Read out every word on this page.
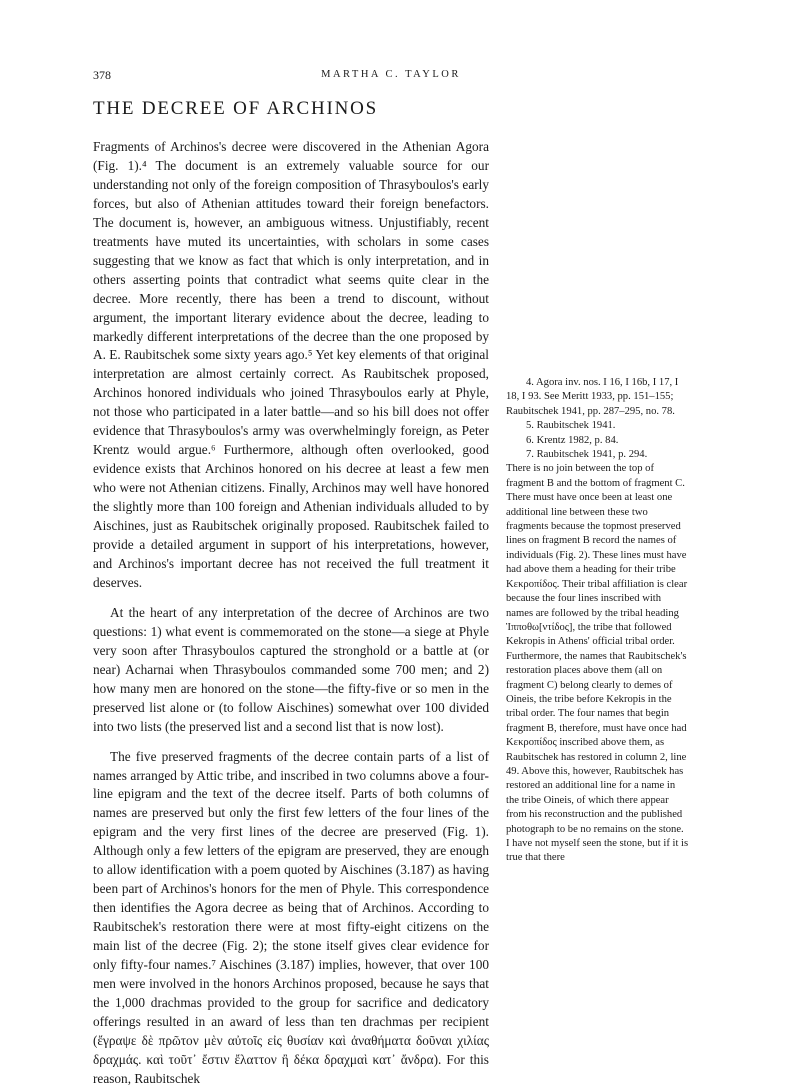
378	MARTHA C. TAYLOR
THE DECREE OF ARCHINOS

Fragments of Archinos's decree were discovered in the Athenian Agora (Fig. 1).⁴ The document is an extremely valuable source for our understanding not only of the foreign composition of Thrasyboulos's early forces, but also of Athenian attitudes toward their foreign benefactors. The document is, however, an ambiguous witness. Unjustifiably, recent treatments have muted its uncertainties, with scholars in some cases suggesting that we know as fact that which is only interpretation, and in others asserting points that contradict what seems quite clear in the decree. More recently, there has been a trend to discount, without argument, the important literary evidence about the decree, leading to markedly different interpretations of the decree than the one proposed by A. E. Raubitschek some sixty years ago.⁵ Yet key elements of that original interpretation are almost certainly correct. As Raubitschek proposed, Archinos honored individuals who joined Thrasyboulos early at Phyle, not those who participated in a later battle—and so his bill does not offer evidence that Thrasyboulos's army was overwhelmingly foreign, as Peter Krentz would argue.⁶ Furthermore, although often overlooked, good evidence exists that Archinos honored on his decree at least a few men who were not Athenian citizens. Finally, Archinos may well have honored the slightly more than 100 foreign and Athenian individuals alluded to by Aischines, just as Raubitschek originally proposed. Raubitschek failed to provide a detailed argument in support of his interpretations, however, and Archinos's important decree has not received the full treatment it deserves.

At the heart of any interpretation of the decree of Archinos are two questions: 1) what event is commemorated on the stone—a siege at Phyle very soon after Thrasyboulos captured the stronghold or a battle at (or near) Acharnai when Thrasyboulos commanded some 700 men; and 2) how many men are honored on the stone—the fifty-five or so men in the preserved list alone or (to follow Aischines) somewhat over 100 divided into two lists (the preserved list and a second list that is now lost).

The five preserved fragments of the decree contain parts of a list of names arranged by Attic tribe, and inscribed in two columns above a four-line epigram and the text of the decree itself. Parts of both columns of names are preserved but only the first few letters of the four lines of the epigram and the very first lines of the decree are preserved (Fig. 1). Although only a few letters of the epigram are preserved, they are enough to allow identification with a poem quoted by Aischines (3.187) as having been part of Archinos's honors for the men of Phyle. This correspondence then identifies the Agora decree as being that of Archinos. According to Raubitschek's restoration there were at most fifty-eight citizens on the main list of the decree (Fig. 2); the stone itself gives clear evidence for only fifty-four names.⁷ Aischines (3.187) implies, however, that over 100 men were involved in the honors Archinos proposed, because he says that the 1,000 drachmas provided to the group for sacrifice and dedicatory offerings resulted in an award of less than ten drachmas per recipient (ἔγραψε δὲ πρῶτον μὲν αὐτοῖς εἰς θυσίαν καὶ ἀναθήματα δοῦναι χιλίας δραχμάς. καὶ τοῦτ᾽ ἔστιν ἔλαττον ἢ δέκα δραχμαὶ κατ᾽ ἄνδρα). For this reason, Raubitschek

4. Agora inv. nos. I 16, I 16b, I 17, I 18, I 93. See Meritt 1933, pp. 151–155; Raubitschek 1941, pp. 287–295, no. 78.

5. Raubitschek 1941.

6. Krentz 1982, p. 84.

7. Raubitschek 1941, p. 294.

There is no join between the top of fragment B and the bottom of fragment C. There must have once been at least one additional line between these two fragments because the topmost preserved lines on fragment B record the names of individuals (Fig. 2). These lines must have had above them a heading for their tribe Κεκροπίδος. Their tribal affiliation is clear because the four lines inscribed with names are followed by the tribal heading Ἱπποθω[ντίδος], the tribe that followed Kekropis in Athens' official tribal order. Furthermore, the names that Raubitschek's restoration places above them (all on fragment C) belong clearly to demes of Oineis, the tribe before Kekropis in the tribal order. The four names that begin fragment B, therefore, must have once had Κεκροπίδος inscribed above them, as Raubitschek has restored in column 2, line 49. Above this, however, Raubitschek has restored an additional line for a name in the tribe Oineis, of which there appear from his reconstruction and the published photograph to be no remains on the stone. I have not myself seen the stone, but if it is true that there
